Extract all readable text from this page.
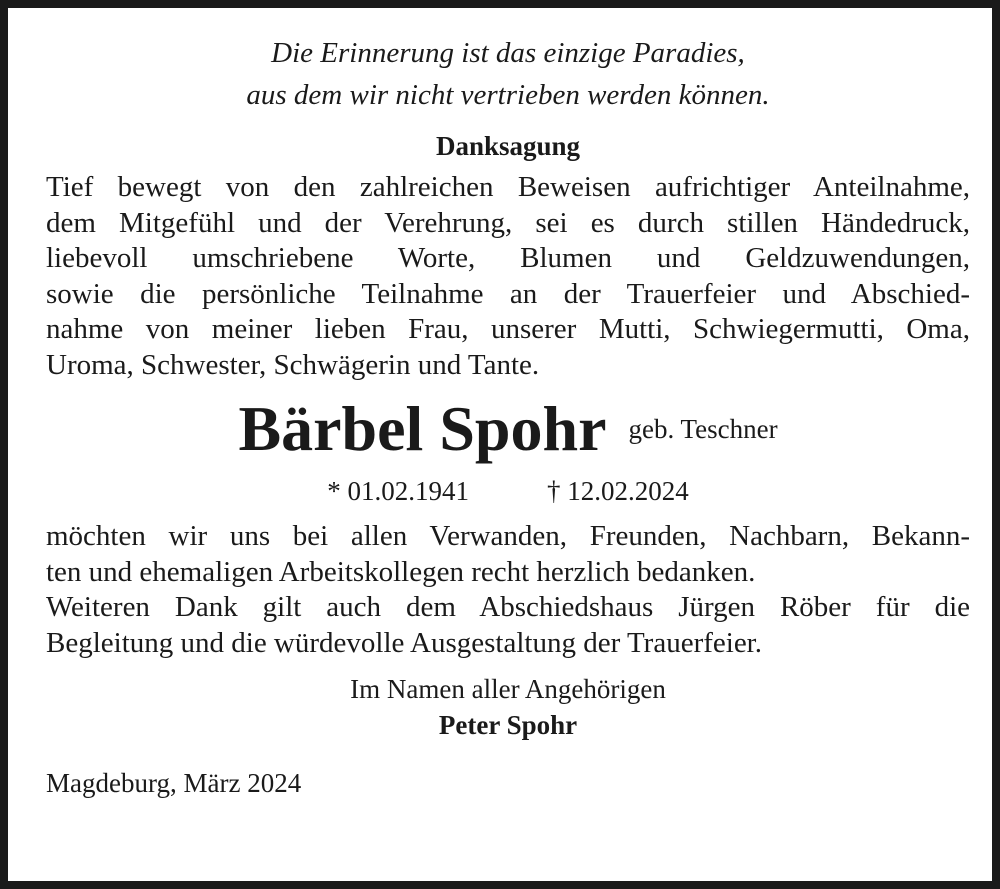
Die Erinnerung ist das einzige Paradies,
aus dem wir nicht vertrieben werden können.
Danksagung
Tief bewegt von den zahlreichen Beweisen aufrichtiger Anteilnahme,
dem Mitgefühl und der Verehrung, sei es durch stillen Händedruck,
liebevoll umschriebene Worte, Blumen und Geldzuwendungen,
sowie die persönliche Teilnahme an der Trauerfeier und Abschied-
nahme von meiner lieben Frau, unserer Mutti, Schwiegermutti, Oma,
Uroma, Schwester, Schwägerin und Tante.
Bärbel Spohr geb. Teschner
* 01.02.1941	† 12.02.2024
möchten wir uns bei allen Verwanden, Freunden, Nachbarn, Bekann-
ten und ehemaligen Arbeitskollegen recht herzlich bedanken.
Weiteren Dank gilt auch dem Abschiedshaus Jürgen Röber für die
Begleitung und die würdevolle Ausgestaltung der Trauerfeier.
Im Namen aller Angehörigen
Peter Spohr
Magdeburg, März 2024
